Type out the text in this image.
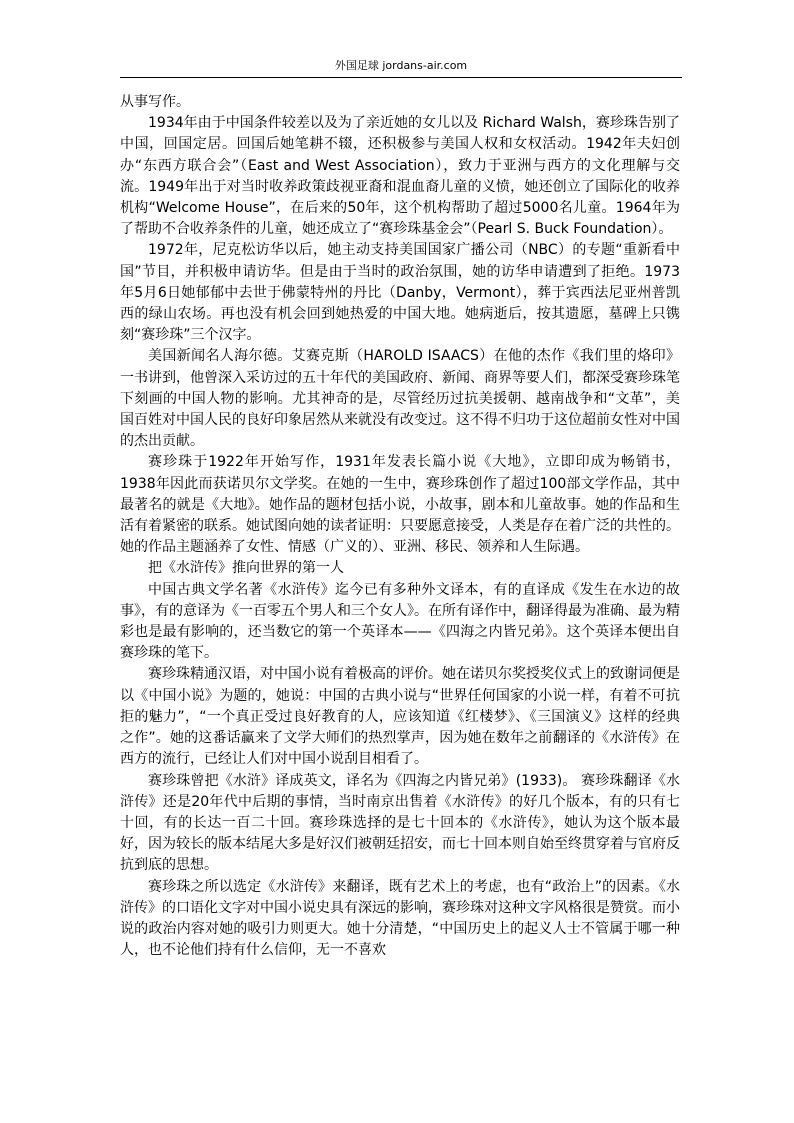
外国足球 jordans-air.com

从事写作。

1934年由于中国条件较差以及为了亲近她的女儿以及 Richard Walsh，赛珍珠告别了中国，回国定居。回国后她笔耕不辍，还积极参与美国人权和女权活动。1942年夫妇创办“东西方联合会”（East and West Association），致力于亚洲与西方的文化理解与交流。1949年出于对当时收养政策歧视亚裔和混血裔儿童的义愤，她还创立了国际化的收养机构“Welcome House”，在后来的50年，这个机构帮助了超过5000名儿童。1964年为了帮助不合收养条件的儿童，她还成立了“赛珍珠基金会”（Pearl S. Buck Foundation）。

1972年，尼克松访华以后，她主动支持美国国家广播公司（NBC）的专题“重新看中国”节目，并积极申请访华。但是由于当时的政治氛围，她的访华申请遭到了拒绝。1973年5月6日她郁郁中去世于佛蒙特州的丹比（Danby，Vermont），葬于宾西法尼亚州普凯西的绿山农场。再也没有机会回到她热爱的中国大地。她病逝后，按其遗愿，墓碑上只镌刻“赛珍珠”三个汉字。

美国新闻名人海尔德。艾赛克斯（HAROLD ISAACS）在他的杰作《我们里的烙印》一书讲到，他曾深入采访过的五十年代的美国政府、新闻、商界等要人们，都深受赛珍珠笔下刻画的中国人物的影响。尤其神奇的是，尽管经历过抗美援朝、越南战争和“文革”，美国百姓对中国人民的良好印象居然从来就没有改变过。这不得不归功于这位超前女性对中国的杰出贡献。

赛珍珠于1922年开始写作，1931年发表长篇小说《大地》，立即印成为畅销书，1938年因此而获诺贝尔文学奖。在她的一生中，赛珍珠创作了超过100部文学作品，其中最著名的就是《大地》。她作品的题材包括小说，小故事，剧本和儿童故事。她的作品和生活有着紧密的联系。她试图向她的读者证明：只要愿意接受，人类是存在着广泛的共性的。她的作品主题涵养了女性、情感（广义的）、亚洲、移民、领养和人生际遇。

把《水浒传》推向世界的第一人

中国古典文学名著《水浒传》迄今已有多种外文译本，有的直译成《发生在水边的故事》，有的意译为《一百零五个男人和三个女人》。在所有译作中，翻译得最为准确、最为精彩也是最有影响的，还当数它的第一个英译本——《四海之内皆兄弟》。这个英译本便出自赛珍珠的笔下。

赛珍珠精通汉语，对中国小说有着极高的评价。她在诺贝尔奖授奖仪式上的致谢词便是以《中国小说》为题的，她说：中国的古典小说与“世界任何国家的小说一样，有着不可抗拒的魅力”，“一个真正受过良好教育的人，应该知道《红楼梦》、《三国演义》这样的经典之作”。她的这番话赢来了文学大师们的热烈掌声，因为她在数年之前翻译的《水浒传》在西方的流行，已经让人们对中国小说刮目相看了。

赛珍珠曾把《水浒》译成英文，译名为《四海之内皆兄弟》(1933)。 赛珍珠翻译《水浒传》还是20年代中后期的事情，当时南京出售着《水浒传》的好几个版本，有的只有七十回，有的长达一百二十回。赛珍珠选择的是七十回本的《水浒传》，她认为这个版本最好，因为较长的版本结尾大多是好汉们被朝廷招安，而七十回本则自始至终贯穿着与官府反抗到底的思想。

赛珍珠之所以选定《水浒传》来翻译，既有艺术上的考虑，也有“政治上”的因素。《水浒传》的口语化文字对中国小说史具有深远的影响，赛珍珠对这种文字风格很是赞赏。而小说的政治内容对她的吸引力则更大。她十分清楚，“中国历史上的起义人士不管属于哪一种人，也不论他们持有什么信仰，无一不喜欢
